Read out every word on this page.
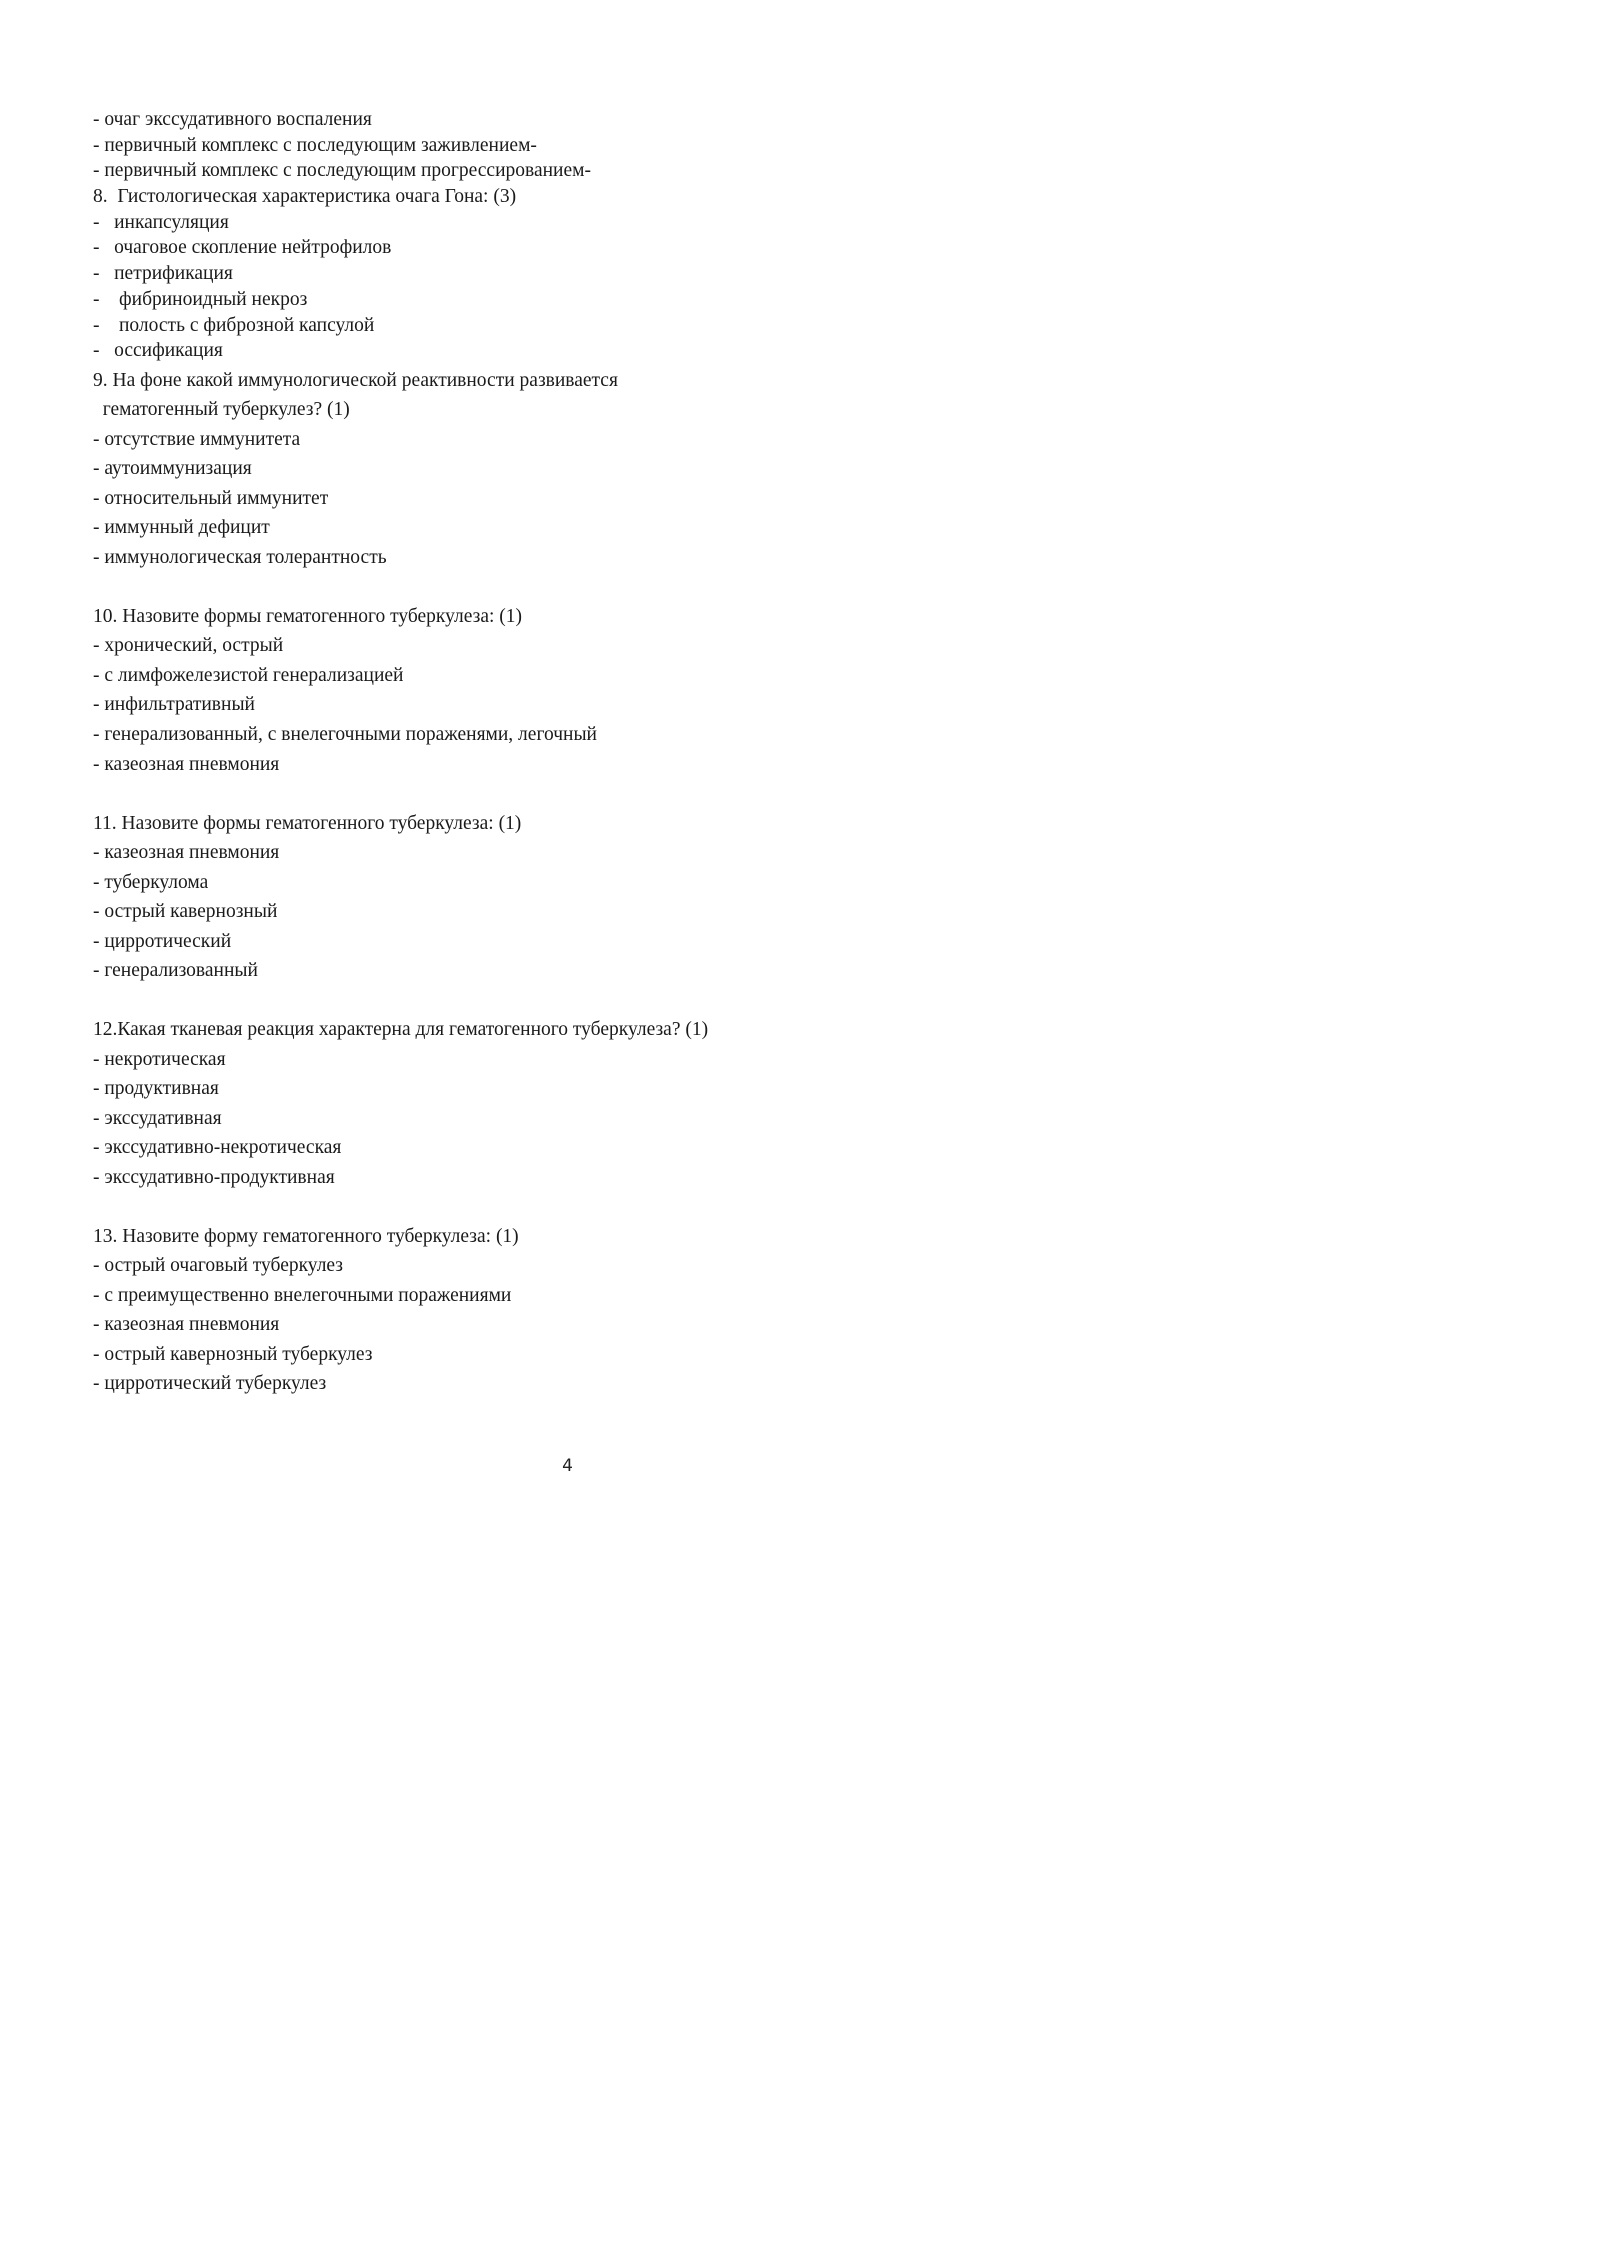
- очаг экссудативного воспаления
- первичный комплекс с последующим заживлением-
- первичный комплекс с последующим прогрессированием-
8.  Гистологическая характеристика очага Гона: (3)
-   инкапсуляция
-   очаговое скопление нейтрофилов
-   петрификация
-    фибриноидный некроз
-    полость с фиброзной капсулой
-   оссификация
9. На фоне какой иммунологической реактивности развивается
гематогенный туберкулез? (1)
- отсутствие иммунитета
- аутоиммунизация
- относительный иммунитет
- иммунный дефицит
- иммунологическая толерантность
10. Назовите формы гематогенного туберкулеза: (1)
- хронический, острый
- с лимфожелезистой генерализацией
- инфильтративный
- генерализованный, с внелегочными пораженями, легочный
- казеозная пневмония
11. Назовите формы гематогенного туберкулеза: (1)
- казеозная пневмония
- туберкулома
- острый кавернозный
- цирротический
- генерализованный
12.Какая тканевая реакция характерна для гематогенного туберкулеза? (1)
- некротическая
- продуктивная
- экссудативная
- экссудативно-некротическая
- экссудативно-продуктивная
13. Назовите форму гематогенного туберкулеза: (1)
- острый очаговый туберкулез
- с преимущественно внелегочными поражениями
- казеозная пневмония
- острый кавернозный туберкулез
- цирротический туберкулез
4
